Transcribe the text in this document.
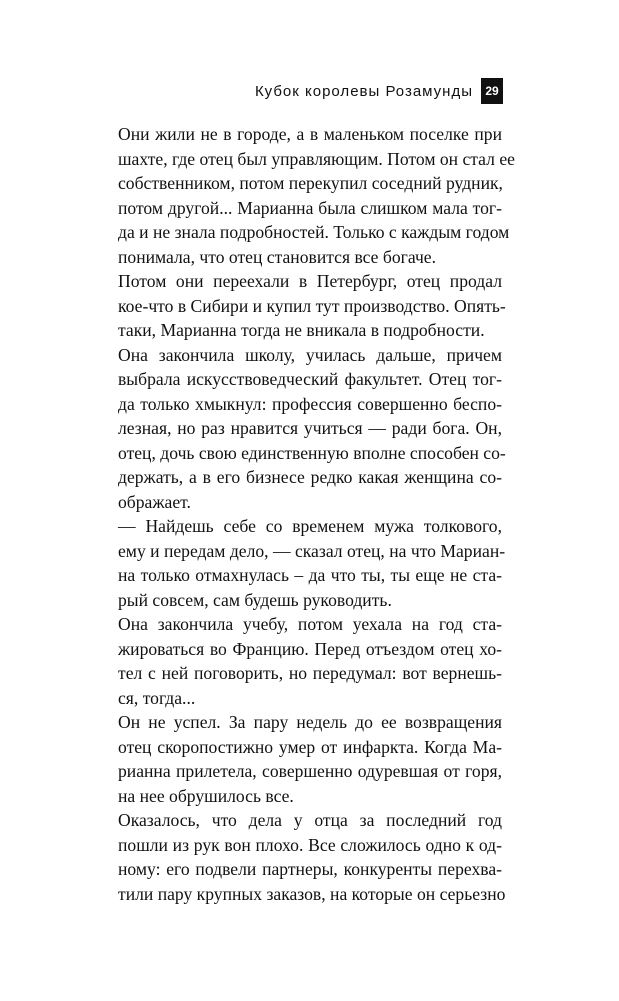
Кубок королевы Розамунды	29
Они жили не в городе, а в маленьком поселке при
шахте, где отец был управляющим. Потом он стал ее
собственником, потом перекупил соседний рудник,
потом другой... Марианна была слишком мала тог-
да и не знала подробностей. Только с каждым годом
понимала, что отец становится все богаче.
Потом они переехали в Петербург, отец продал
кое-что в Сибири и купил тут производство. Опять-
таки, Марианна тогда не вникала в подробности.
Она закончила школу, училась дальше, причем
выбрала искусствоведческий факультет. Отец тог-
да только хмыкнул: профессия совершенно беспо-
лезная, но раз нравится учиться — ради бога. Он,
отец, дочь свою единственную вполне способен со-
держать, а в его бизнесе редко какая женщина со-
ображает.
— Найдешь себе со временем мужа толкового,
ему и передам дело, — сказал отец, на что Мариан-
на только отмахнулась – да что ты, ты еще не ста-
рый совсем, сам будешь руководить.
Она закончила учебу, потом уехала на год ста-
жироваться во Францию. Перед отъездом отец хо-
тел с ней поговорить, но передумал: вот вернешь-
ся, тогда...
Он не успел. За пару недель до ее возвращения
отец скоропостижно умер от инфаркта. Когда Ма-
рианна прилетела, совершенно одуревшая от горя,
на нее обрушилось все.
Оказалось, что дела у отца за последний год
пошли из рук вон плохо. Все сложилось одно к од-
ному: его подвели партнеры, конкуренты перехва-
тили пару крупных заказов, на которые он серьезно
